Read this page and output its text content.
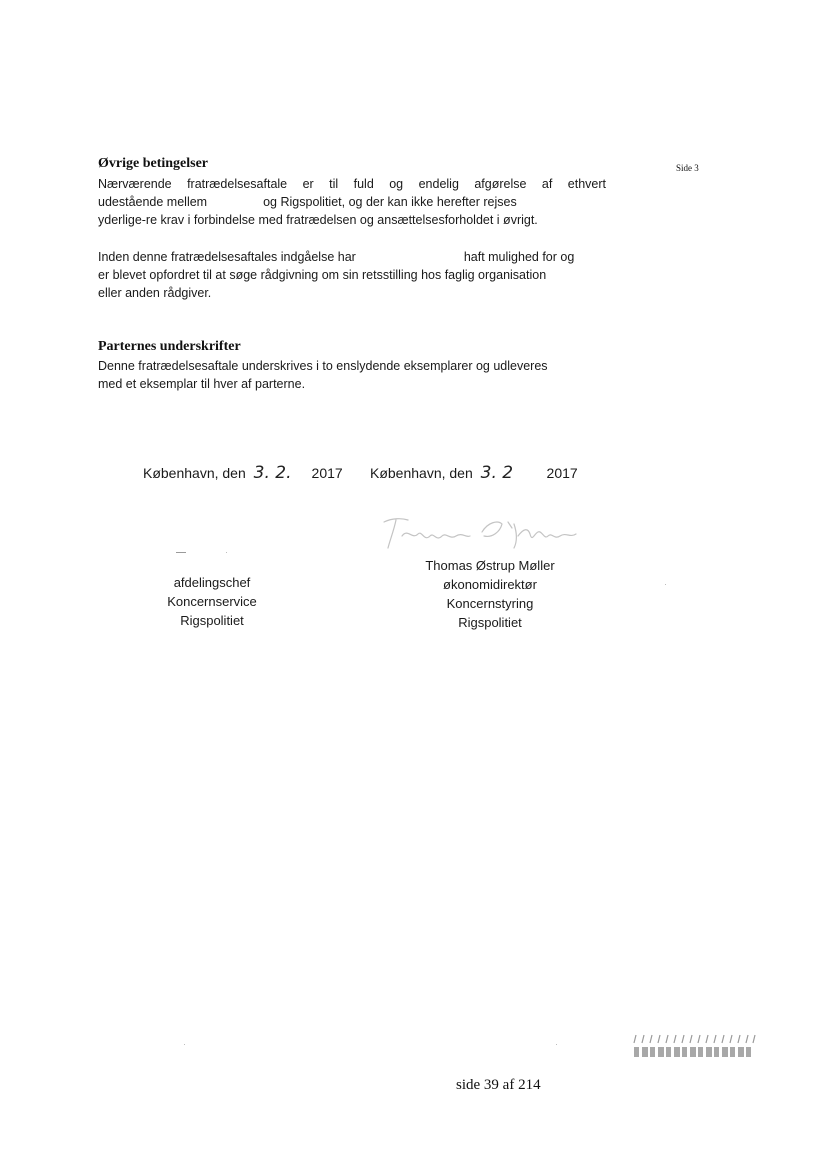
Side 3
Øvrige betingelser
Nærværende fratrædelsesaftale er til fuld og endelig afgørelse af ethvert
udestående mellem	og Rigspolitiet, og der kan ikke herefter rejses
yderlige-re krav i forbindelse med fratrædelsen og ansættelsesforholdet i øvrigt.
Inden denne fratrædelsesaftales indgåelse har	haft mulighed for og
er blevet opfordret til at søge rådgivning om sin retsstilling hos faglig organisation
eller anden rådgiver.
Parternes underskrifter
Denne fratrædelsesaftale underskrives i to enslydende eksemplarer og udleveres
med et eksemplar til hver af parterne.
København, den 3. 2. 2017 København, den 3. 2 2017
afdelingschef
Koncernservice
Rigspolitiet
Thomas Østrup Møller
økonomidirektør
Koncernstyring
Rigspolitiet
side 39 af 214
